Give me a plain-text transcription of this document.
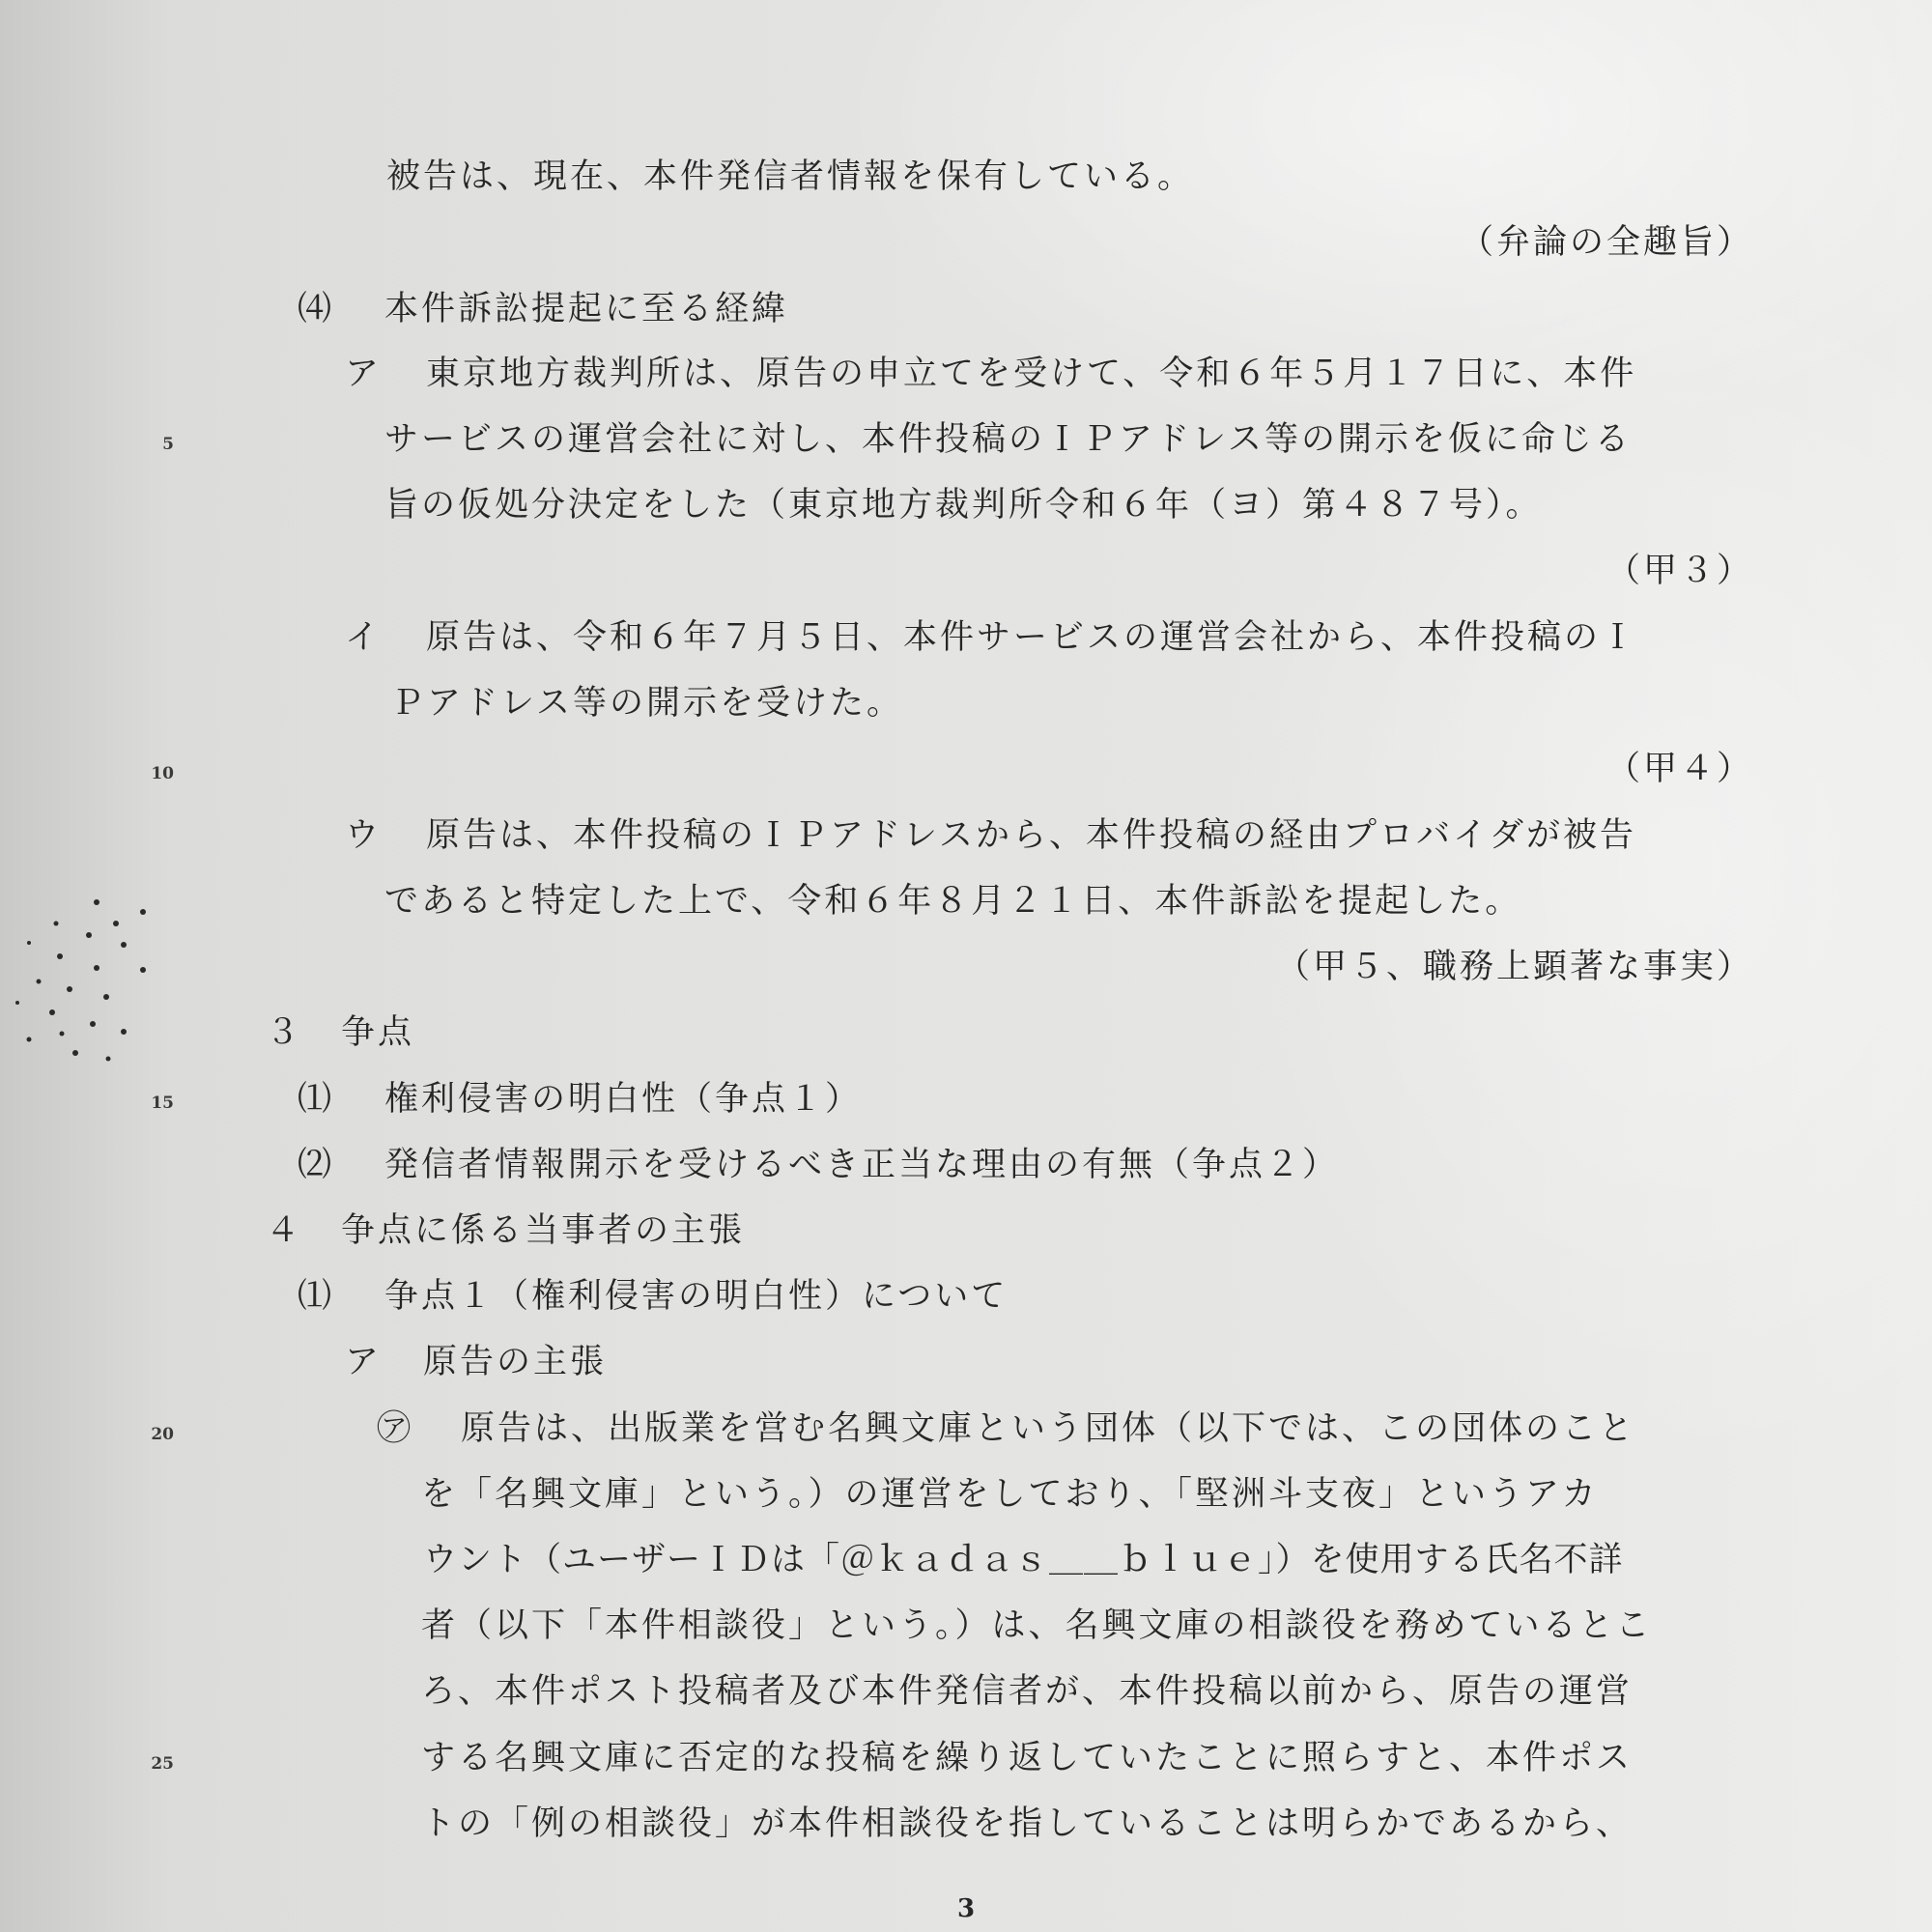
5
10
15
20
25

被告は、現在、本件発信者情報を保有している。

（弁論の全趣旨）

⑷ 本件訴訟提起に至る経緯

ア 東京地方裁判所は、原告の申立てを受けて、令和６年５月１７日に、本件

サービスの運営会社に対し、本件投稿のＩＰアドレス等の開示を仮に命じる

旨の仮処分決定をした（東京地方裁判所令和６年（ヨ）第４８７号）。

（甲３）

イ 原告は、令和６年７月５日、本件サービスの運営会社から、本件投稿のＩ

Ｐアドレス等の開示を受けた。

（甲４）

ウ 原告は、本件投稿のＩＰアドレスから、本件投稿の経由プロバイダが被告

であると特定した上で、令和６年８月２１日、本件訴訟を提起した。

（甲５、職務上顕著な事実）

３ 争点

⑴ 権利侵害の明白性（争点１）

⑵ 発信者情報開示を受けるべき正当な理由の有無（争点２）

４ 争点に係る当事者の主張

⑴ 争点１（権利侵害の明白性）について

ア 原告の主張

㋐ 原告は、出版業を営む名興文庫という団体（以下では、この団体のこと

を「名興文庫」という。）の運営をしており、「堅洲斗支夜」というアカ

ウント（ユーザーＩＤは「＠ｋａｄａｓ＿＿ｂｌｕｅ」）を使用する氏名不詳

者（以下「本件相談役」という。）は、名興文庫の相談役を務めているとこ

ろ、本件ポスト投稿者及び本件発信者が、本件投稿以前から、原告の運営

する名興文庫に否定的な投稿を繰り返していたことに照らすと、本件ポス

トの「例の相談役」が本件相談役を指していることは明らかであるから、

3
